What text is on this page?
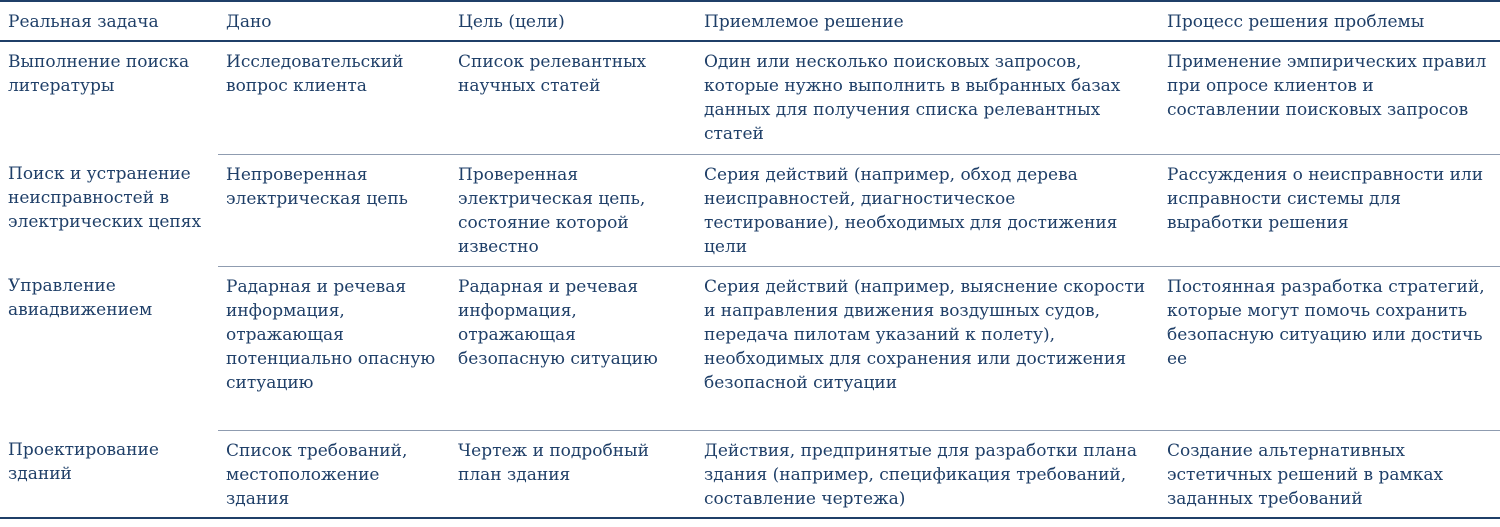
Реальная задача	Дано	Цель (цели)	Приемлемое решение	Процесс решения проблемы

Выполнение поиска литературы	Исследовательский вопрос клиента	Список релевантных научных статей	Один или несколько поисковых запросов, которые нужно выполнить в выбранных базах данных для получения списка релевантных статей	Применение эмпирических правил при опросе клиентов и составлении поисковых запросов

Поиск и устранение неисправностей в электрических цепях	Непроверенная электрическая цепь	Проверенная электрическая цепь, состояние которой известно	Серия действий (например, обход дерева неисправностей, диагностическое тестирование), необходимых для достижения цели	Рассуждения о неисправности или исправности системы для выработки решения

Управление авиадвижением	Радарная и речевая информация, отражающая потенциально опасную ситуацию	Радарная и речевая информация, отражающая безопасную ситуацию	Серия действий (например, выяснение скорости и направления движения воздушных судов, передача пилотам указаний к полету), необходимых для сохранения или достижения безопасной ситуации	Постоянная разработка стратегий, которые могут помочь сохранить безопасную ситуацию или достичь ее

Проектирование зданий	Список требований, местоположение здания	Чертеж и подробный план здания	Действия, предпринятые для разработки плана здания (например, спецификация требований, составление чертежа)	Создание альтернативных эстетичных решений в рамках заданных требований
